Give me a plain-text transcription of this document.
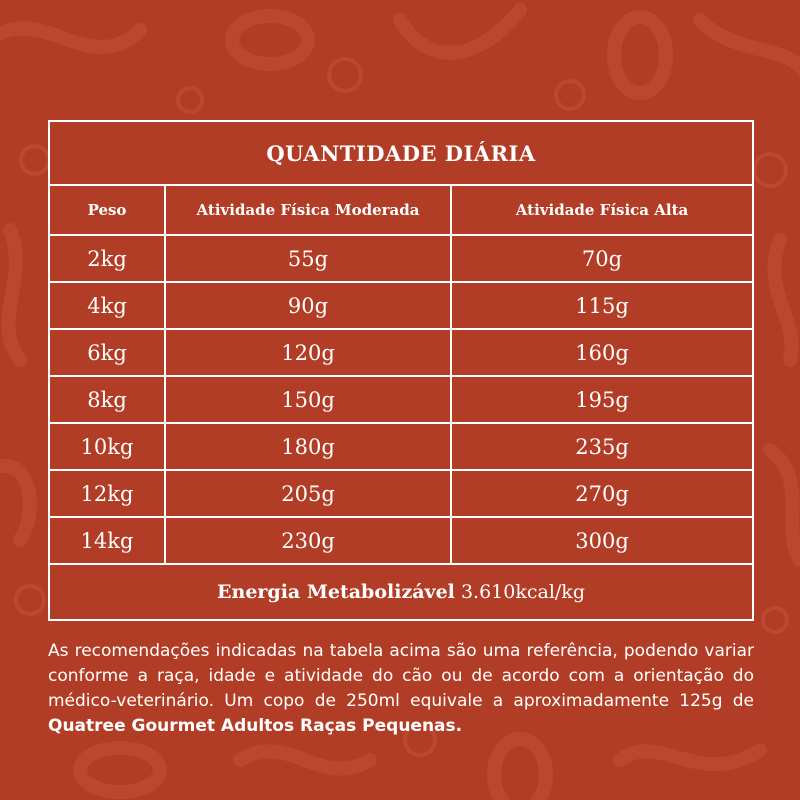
QUANTIDADE DIÁRIA		
Peso	Atividade Física Moderada	Atividade Física Alta
2kg	55g	70g
4kg	90g	115g
6kg	120g	160g
8kg	150g	195g
10kg	180g	235g
12kg	205g	270g
14kg	230g	300g
Energia Metabolizável 3.610kcal/kg		

As recomendações indicadas na tabela acima são uma referência, podendo variar conforme a raça, idade e atividade do cão ou de acordo com a orientação do médico-veterinário. Um copo de 250ml equivale a aproximadamente 125g de Quatree Gourmet Adultos Raças Pequenas.
